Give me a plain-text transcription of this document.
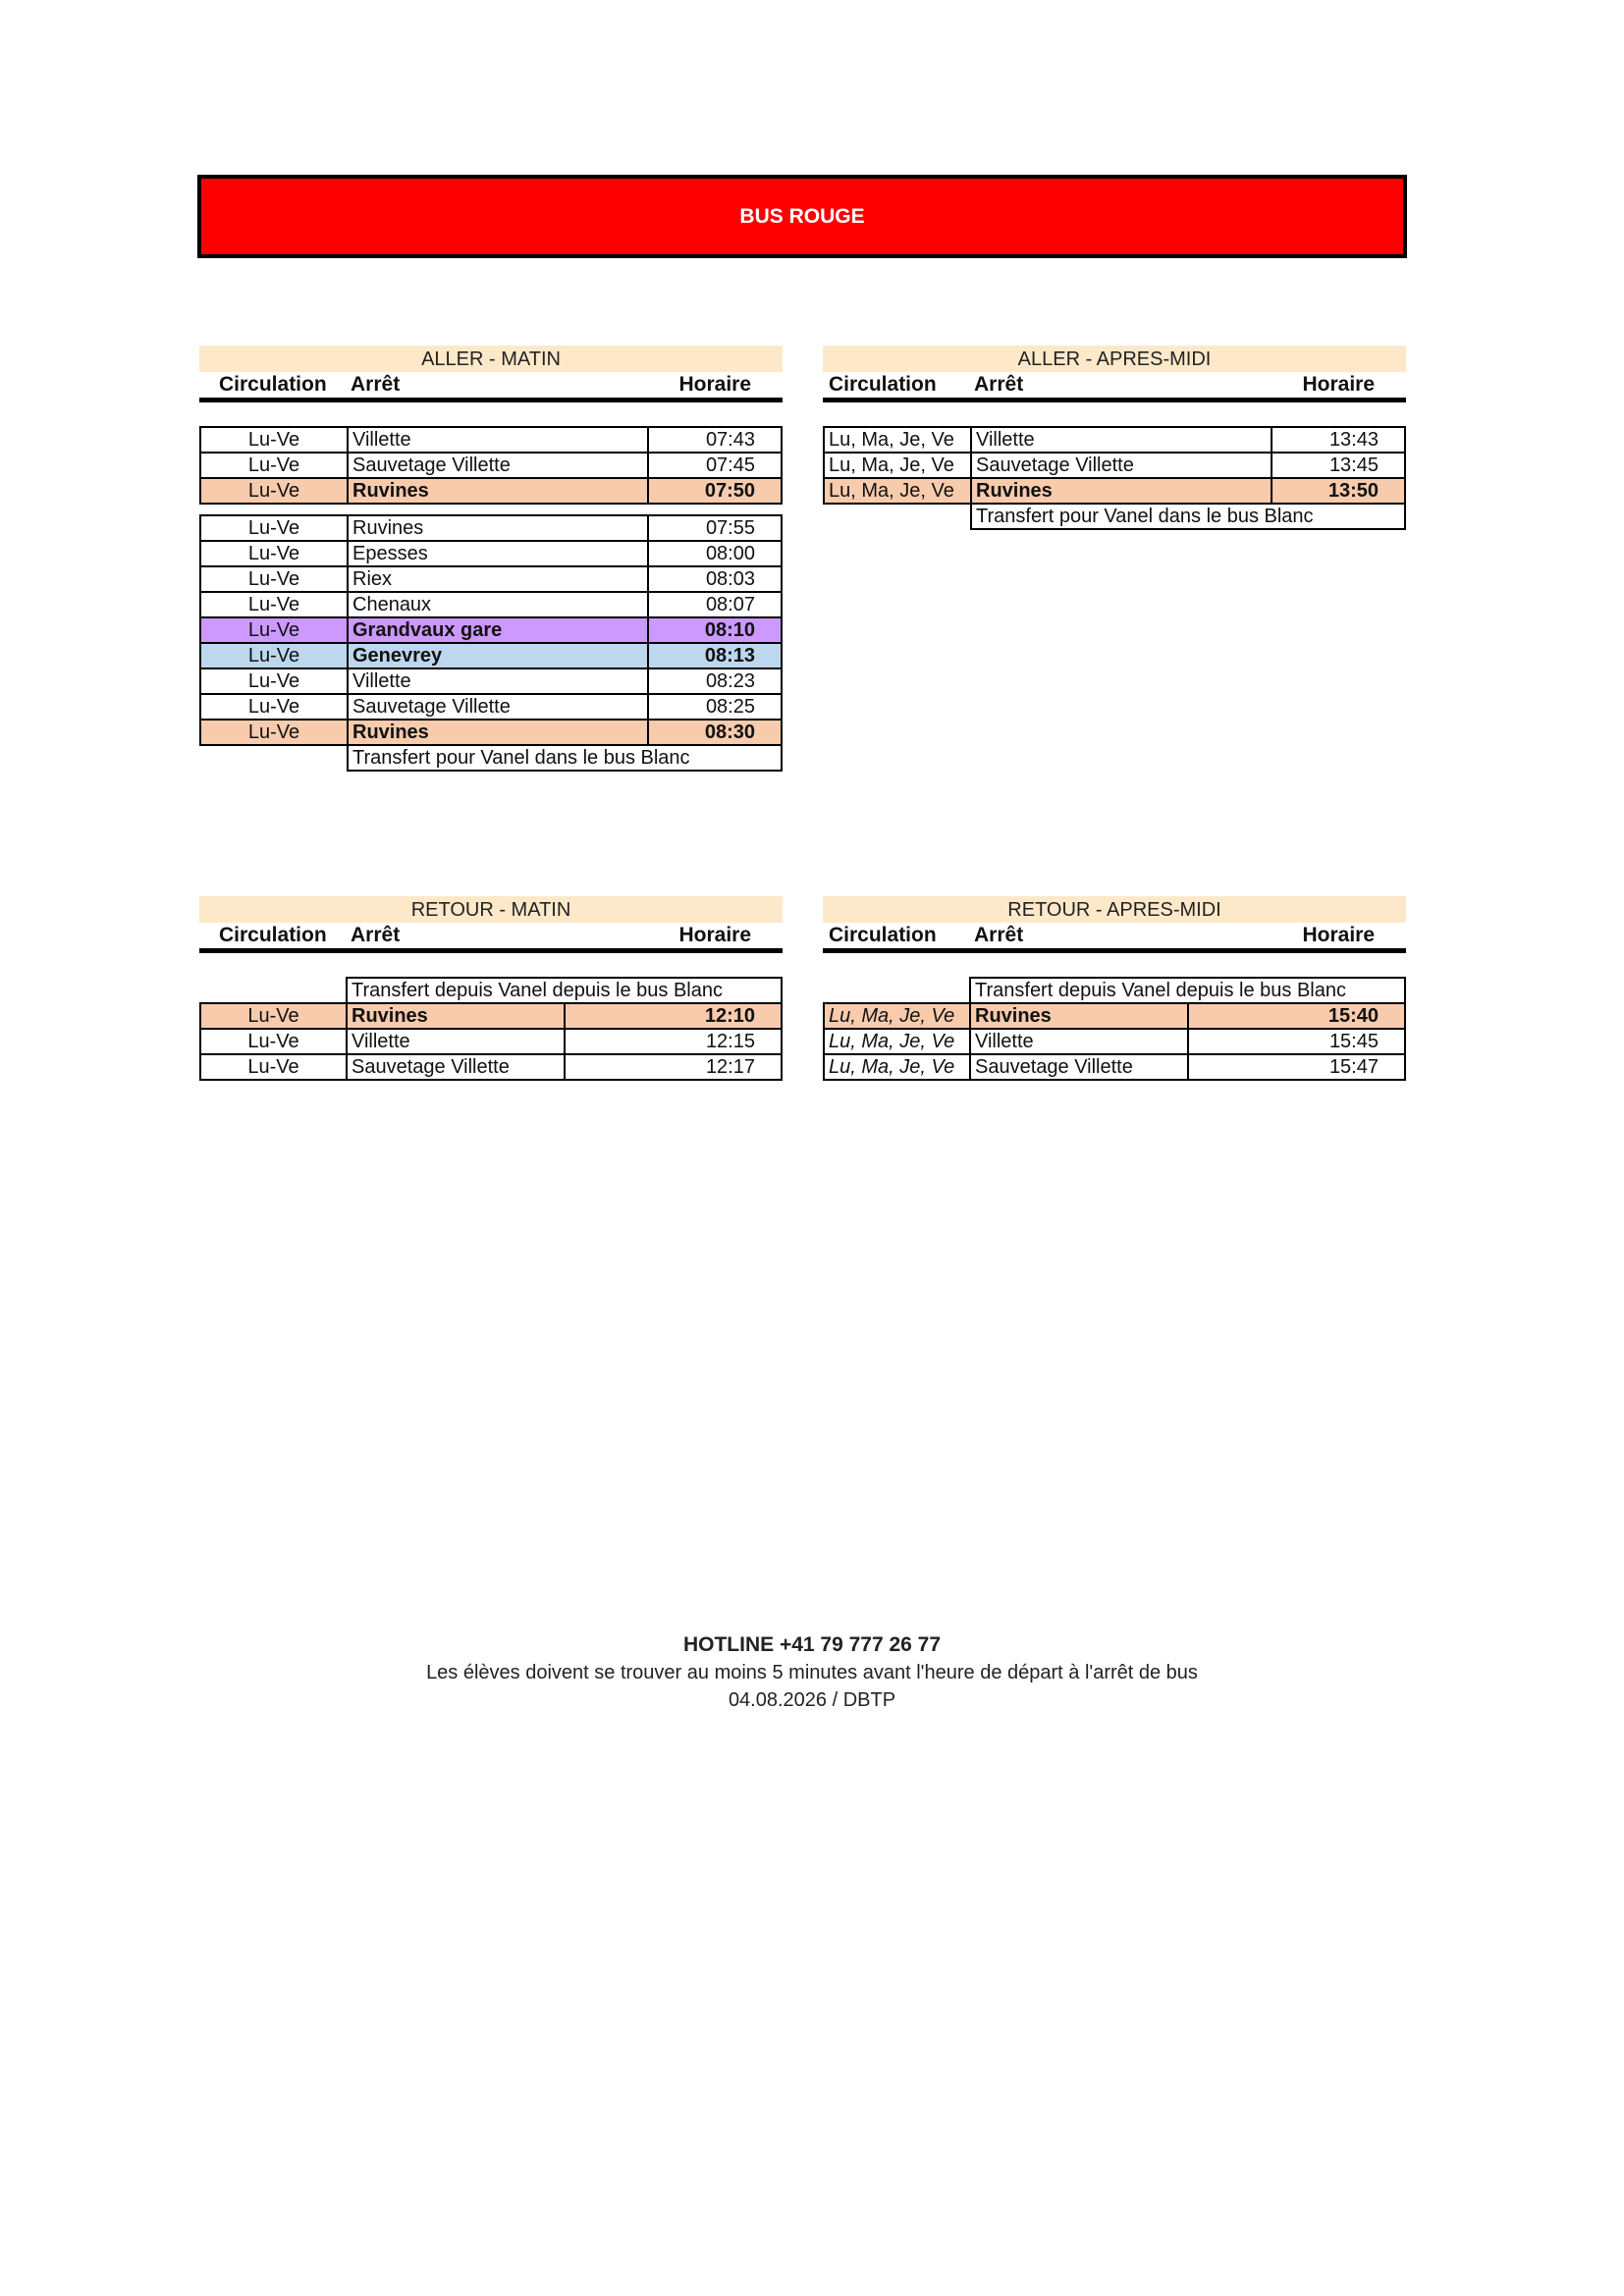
BUS ROUGE
ALLER - MATIN
Circulation Arrêt	Horaire
Lu-Ve	Villette	07:43
Lu-Ve	Sauvetage Villette	07:45
Lu-Ve	Ruvines	07:50
Lu-Ve	Ruvines	07:55
Lu-Ve	Epesses	08:00
Lu-Ve	Riex	08:03
Lu-Ve	Chenaux	08:07
Lu-Ve	Grandvaux gare	08:10
Lu-Ve	Genevrey	08:13
Lu-Ve	Villette	08:23
Lu-Ve	Sauvetage Villette	08:25
Lu-Ve	Ruvines	08:30
	Transfert pour Vanel dans le bus Blanc	
ALLER - APRES-MIDI
Circulation Arrêt	Horaire
Lu, Ma, Je, Ve	Villette	13:43
Lu, Ma, Je, Ve	Sauvetage Villette	13:45
Lu, Ma, Je, Ve	Ruvines	13:50
	Transfert pour Vanel dans le bus Blanc	
RETOUR - MATIN
Circulation Arrêt	Horaire
	Transfert depuis Vanel depuis le bus Blanc	
Lu-Ve	Ruvines	12:10
Lu-Ve	Villette	12:15
Lu-Ve	Sauvetage Villette	12:17
RETOUR - APRES-MIDI
Circulation Arrêt	Horaire
	Transfert depuis Vanel depuis le bus Blanc	
Lu, Ma, Je, Ve	Ruvines	15:40
Lu, Ma, Je, Ve	Villette	15:45
Lu, Ma, Je, Ve	Sauvetage Villette	15:47
HOTLINE +41 79 777 26 77
Les élèves doivent se trouver au moins 5 minutes avant l'heure de départ à l'arrêt de bus
04.08.2026 / DBTP
